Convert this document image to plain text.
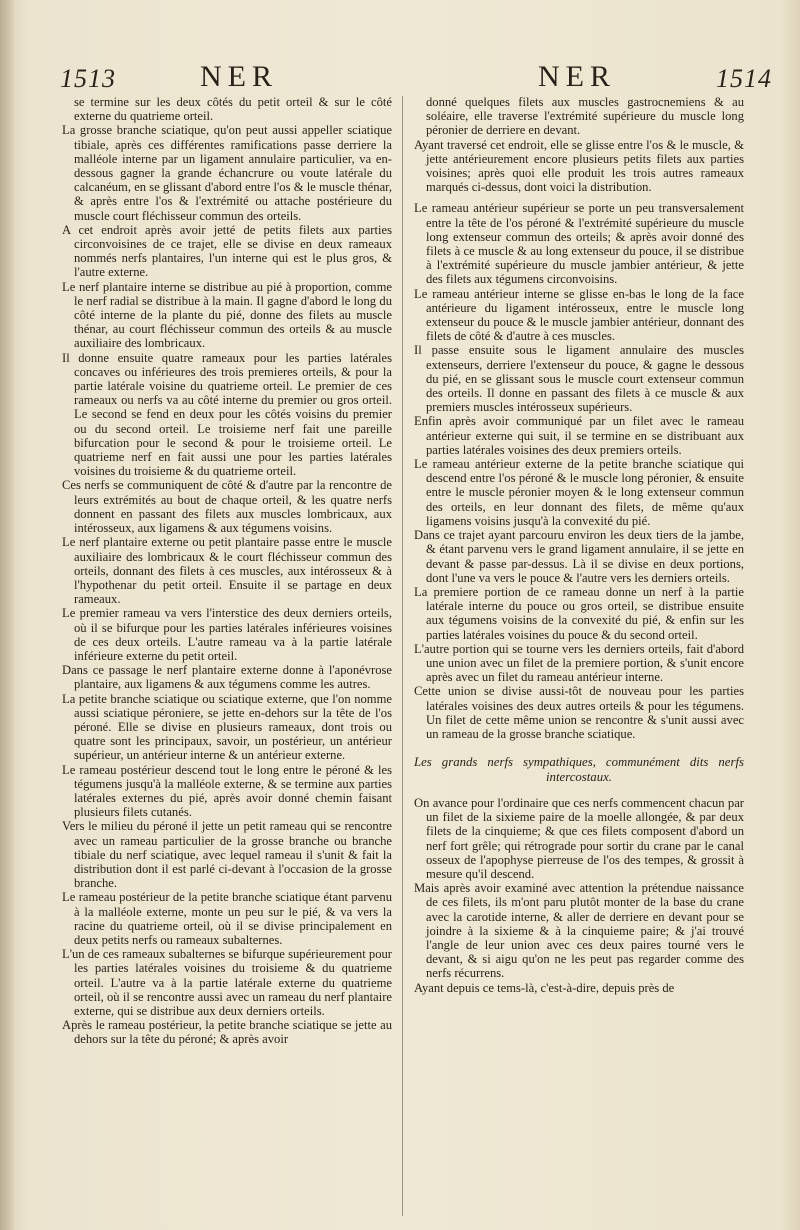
1513	NER	NER	1514

se termine sur les deux côtés du petit orteil & sur le côté externe du quatrieme orteil.

La grosse branche sciatique, qu'on peut aussi appeller sciatique tibiale, après ces différentes ramifications passe derriere la malléole interne par un ligament annulaire particulier, va en-dessous gagner la grande échancrure ou voute latérale du calcanéum, en se glissant d'abord entre l'os & le muscle thénar, & après entre l'os & l'extrémité ou attache postérieure du muscle court fléchisseur commun des orteils.

A cet endroit après avoir jetté de petits filets aux parties circonvoisines de ce trajet, elle se divise en deux rameaux nommés nerfs plantaires, l'un interne qui est le plus gros, & l'autre externe.

Le nerf plantaire interne se distribue au pié à proportion, comme le nerf radial se distribue à la main. Il gagne d'abord le long du côté interne de la plante du pié, donne des filets au muscle thénar, au court fléchisseur commun des orteils & au muscle auxiliaire des lombricaux.

Il donne ensuite quatre rameaux pour les parties latérales concaves ou inférieures des trois premieres orteils, & pour la partie latérale voisine du quatrieme orteil. Le premier de ces rameaux ou nerfs va au côté interne du premier ou gros orteil. Le second se fend en deux pour les côtés voisins du premier ou du second orteil. Le troisieme nerf fait une pareille bifurcation pour le second & pour le troisieme orteil. Le quatrieme nerf en fait aussi une pour les parties latérales voisines du troisieme & du quatrieme orteil.

Ces nerfs se communiquent de côté & d'autre par la rencontre de leurs extrémités au bout de chaque orteil, & les quatre nerfs donnent en passant des filets aux muscles lombricaux, aux intérosseux, aux ligamens & aux tégumens voisins.

Le nerf plantaire externe ou petit plantaire passe entre le muscle auxiliaire des lombricaux & le court fléchisseur commun des orteils, donnant des filets à ces muscles, aux intérosseux & à l'hypothenar du petit orteil. Ensuite il se partage en deux rameaux.

Le premier rameau va vers l'interstice des deux derniers orteils, où il se bifurque pour les parties latérales inférieures voisines de ces deux orteils. L'autre rameau va à la partie latérale inférieure externe du petit orteil.

Dans ce passage le nerf plantaire externe donne à l'aponévrose plantaire, aux ligamens & aux tégumens comme les autres.

La petite branche sciatique ou sciatique externe, que l'on nomme aussi sciatique péroniere, se jette en-dehors sur la tête de l'os péroné. Elle se divise en plusieurs rameaux, dont trois ou quatre sont les principaux, savoir, un postérieur, un antérieur supérieur, un antérieur interne & un antérieur externe.

Le rameau postérieur descend tout le long entre le péroné & les tégumens jusqu'à la malléole externe, & se termine aux parties latérales externes du pié, après avoir donné chemin faisant plusieurs filets cutanés.

Vers le milieu du péroné il jette un petit rameau qui se rencontre avec un rameau particulier de la grosse branche ou branche tibiale du nerf sciatique, avec lequel rameau il s'unit & fait la distribution dont il est parlé ci-devant à l'occasion de la grosse branche.

Le rameau postérieur de la petite branche sciatique étant parvenu à la malléole externe, monte un peu sur le pié, & va vers la racine du quatrieme orteil, où il se divise principalement en deux petits nerfs ou rameaux subalternes.

L'un de ces rameaux subalternes se bifurque supérieurement pour les parties latérales voisines du troisieme & du quatrieme orteil. L'autre va à la partie latérale externe du quatrieme orteil, où il se rencontre aussi avec un rameau du nerf plantaire externe, qui se distribue aux deux derniers orteils.

Après le rameau postérieur, la petite branche sciatique se jette au dehors sur la tête du péroné; & après avoir

donné quelques filets aux muscles gastrocnemiens & au soléaire, elle traverse l'extrémité supérieure du muscle long péronier de derriere en devant.

Ayant traversé cet endroit, elle se glisse entre l'os & le muscle, & jette antérieurement encore plusieurs petits filets aux parties voisines; après quoi elle produit les trois autres rameaux marqués ci-dessus, dont voici la distribution.

Le rameau antérieur supérieur se porte un peu transversalement entre la tête de l'os péroné & l'extrémité supérieure du muscle long extenseur commun des orteils; & après avoir donné des filets à ce muscle & au long extenseur du pouce, il se distribue à l'extrémité supérieure du muscle jambier antérieur, & jette des filets aux tégumens circonvoisins.

Le rameau antérieur interne se glisse en-bas le long de la face antérieure du ligament intérosseux, entre le muscle long extenseur du pouce & le muscle jambier antérieur, donnant des filets de côté & d'autre à ces muscles.

Il passe ensuite sous le ligament annulaire des muscles extenseurs, derriere l'extenseur du pouce, & gagne le dessous du pié, en se glissant sous le muscle court extenseur commun des orteils. Il donne en passant des filets à ce muscle & aux premiers muscles intérosseux supérieurs.

Enfin après avoir communiqué par un filet avec le rameau antérieur externe qui suit, il se termine en se distribuant aux parties latérales voisines des deux premiers orteils.

Le rameau antérieur externe de la petite branche sciatique qui descend entre l'os péroné & le muscle long péronier, & ensuite entre le muscle péronier moyen & le long extenseur commun des orteils, en leur donnant des filets, de même qu'aux ligamens voisins jusqu'à la convexité du pié.

Dans ce trajet ayant parcouru environ les deux tiers de la jambe, & étant parvenu vers le grand ligament annulaire, il se jette en devant & passe par-dessus. Là il se divise en deux portions, dont l'une va vers le pouce & l'autre vers les derniers orteils.

La premiere portion de ce rameau donne un nerf à la partie latérale interne du pouce ou gros orteil, se distribue ensuite aux tégumens voisins de la convexité du pié, & enfin sur les parties latérales voisines du pouce & du second orteil.

L'autre portion qui se tourne vers les derniers orteils, fait d'abord une union avec un filet de la premiere portion, & s'unit encore après avec un filet du rameau antérieur interne.

Cette union se divise aussi-tôt de nouveau pour les parties latérales voisines des deux autres orteils & pour les tégumens. Un filet de cette même union se rencontre & s'unit aussi avec un rameau de la grosse branche sciatique.

Les grands nerfs sympathiques, communément dits nerfs
intercostaux.

On avance pour l'ordinaire que ces nerfs commencent chacun par un filet de la sixieme paire de la moelle allongée, & par deux filets de la cinquieme; & que ces filets composent d'abord un nerf fort grêle; qui rétrograde pour sortir du crane par le canal osseux de l'apophyse pierreuse de l'os des tempes, & grossit à mesure qu'il descend.

Mais après avoir examiné avec attention la prétendue naissance de ces filets, ils m'ont paru plutôt monter de la base du crane avec la carotide interne, & aller de derriere en devant pour se joindre à la sixieme & à la cinquieme paire; & j'ai trouvé l'angle de leur union avec ces deux paires tourné vers le devant, & si aigu qu'on ne les peut pas regarder comme des nerfs récurrens.

Ayant depuis ce tems-là, c'est-à-dire, depuis près de
